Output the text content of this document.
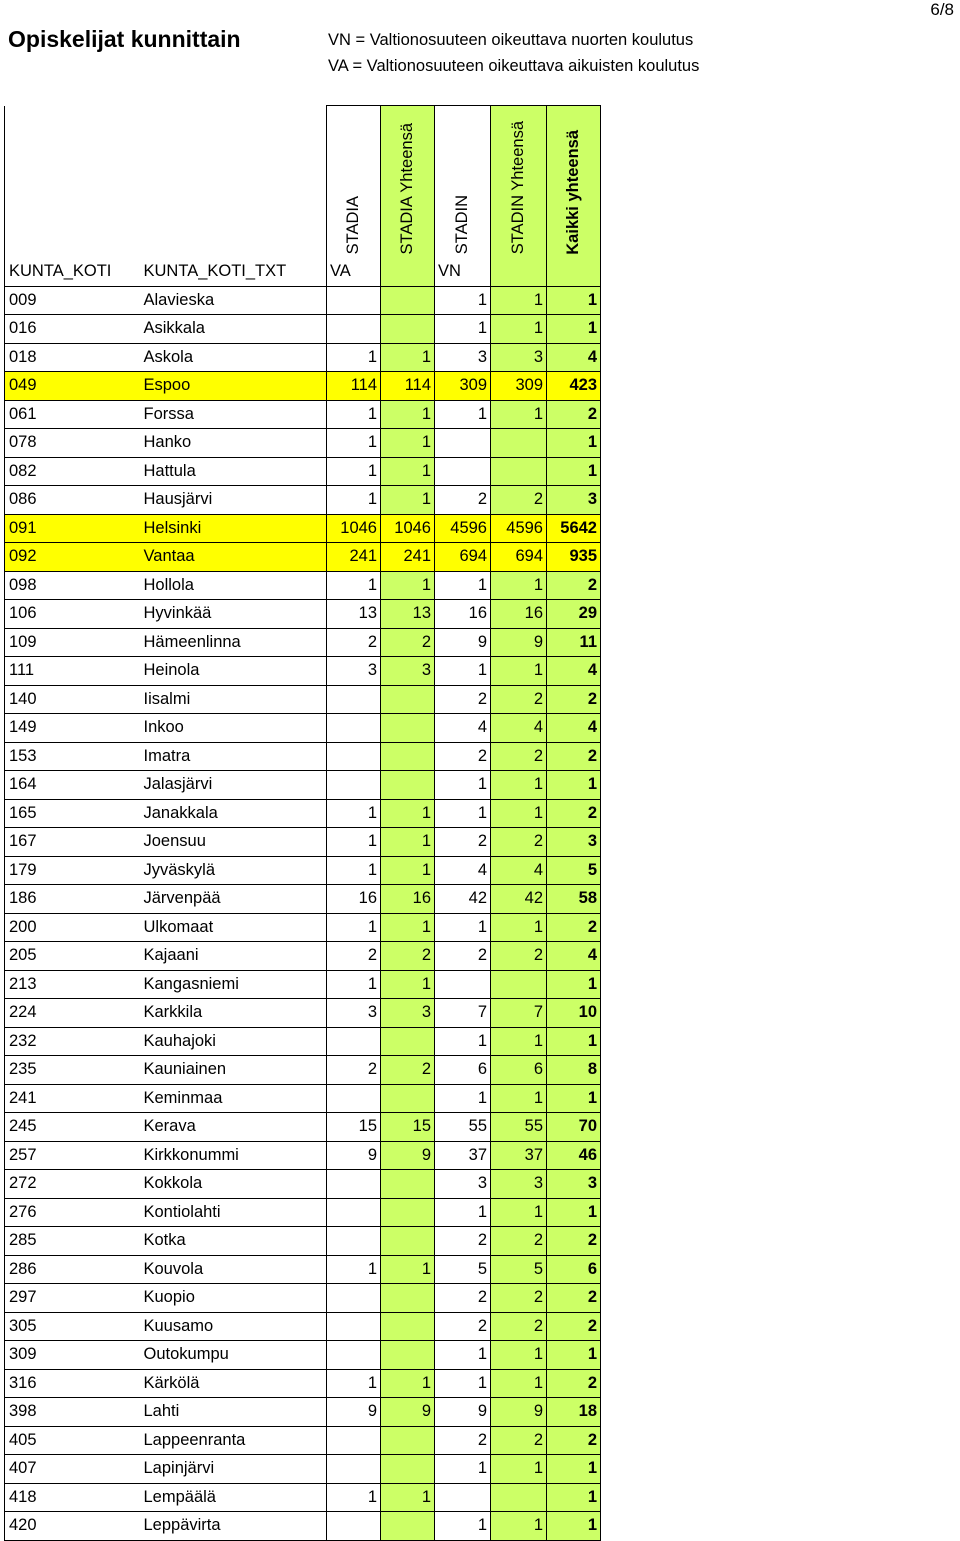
Opiskelijat kunnittain	VN = Valtionosuuteen oikeuttava nuorten koulutus
VA = Valtionosuuteen oikeuttava aikuisten koulutus
6/8

		STADIA	STADIA Yhteensä	STADIN	STADIN Yhteensä	Kaikki yhteensä

KUNTA_KOTI	KUNTA_KOTI_TXT	VA		VN		
009	Alavieska			1	1	1
016	Asikkala			1	1	1
018	Askola	1	1	3	3	4
049	Espoo	114	114	309	309	423
061	Forssa	1	1	1	1	2
078	Hanko	1	1			1
082	Hattula	1	1			1
086	Hausjärvi	1	1	2	2	3
091	Helsinki	1046	1046	4596	4596	5642
092	Vantaa	241	241	694	694	935
098	Hollola	1	1	1	1	2
106	Hyvinkää	13	13	16	16	29
109	Hämeenlinna	2	2	9	9	11
111	Heinola	3	3	1	1	4
140	Iisalmi			2	2	2
149	Inkoo			4	4	4
153	Imatra			2	2	2
164	Jalasjärvi			1	1	1
165	Janakkala	1	1	1	1	2
167	Joensuu	1	1	2	2	3
179	Jyväskylä	1	1	4	4	5
186	Järvenpää	16	16	42	42	58
200	Ulkomaat	1	1	1	1	2
205	Kajaani	2	2	2	2	4
213	Kangasniemi	1	1			1
224	Karkkila	3	3	7	7	10
232	Kauhajoki			1	1	1
235	Kauniainen	2	2	6	6	8
241	Keminmaa			1	1	1
245	Kerava	15	15	55	55	70
257	Kirkkonummi	9	9	37	37	46
272	Kokkola			3	3	3
276	Kontiolahti			1	1	1
285	Kotka			2	2	2
286	Kouvola	1	1	5	5	6
297	Kuopio			2	2	2
305	Kuusamo			2	2	2
309	Outokumpu			1	1	1
316	Kärkölä	1	1	1	1	2
398	Lahti	9	9	9	9	18
405	Lappeenranta			2	2	2
407	Lapinjärvi			1	1	1
418	Lempäälä	1	1			1
420	Leppävirta			1	1	1
